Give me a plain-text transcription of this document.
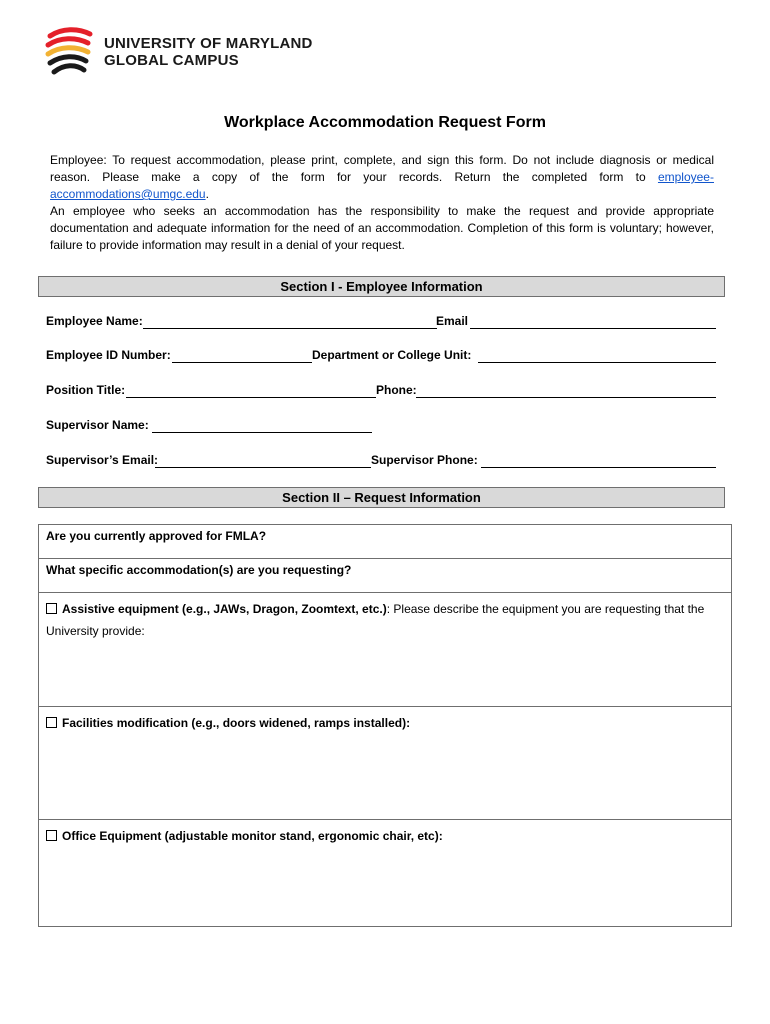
UNIVERSITY OF MARYLAND
GLOBAL CAMPUS
Workplace Accommodation Request Form

Employee: To request accommodation, please print, complete, and sign this form. Do not include diagnosis or medical reason. Please make a copy of the form for your records. Return the completed form to employee-accommodations@umgc.edu.

An employee who seeks an accommodation has the responsibility to make the request and provide appropriate documentation and adequate information for the need of an accommodation. Completion of this form is voluntary; however, failure to provide information may result in a denial of your request.

Section I - Employee Information
Employee Name:	Email
Employee ID Number:	Department or College Unit:
Position Title:	Phone:
Supervisor Name:
Supervisor’s Email:	Supervisor Phone:
Section II – Request Information
Are you currently approved for FMLA?
What specific accommodation(s) are you requesting?
Assistive equipment (e.g., JAWs, Dragon, Zoomtext, etc.): Please describe the equipment you are requesting that the University provide:
Facilities modification (e.g., doors widened, ramps installed):
Office Equipment (adjustable monitor stand, ergonomic chair, etc):
